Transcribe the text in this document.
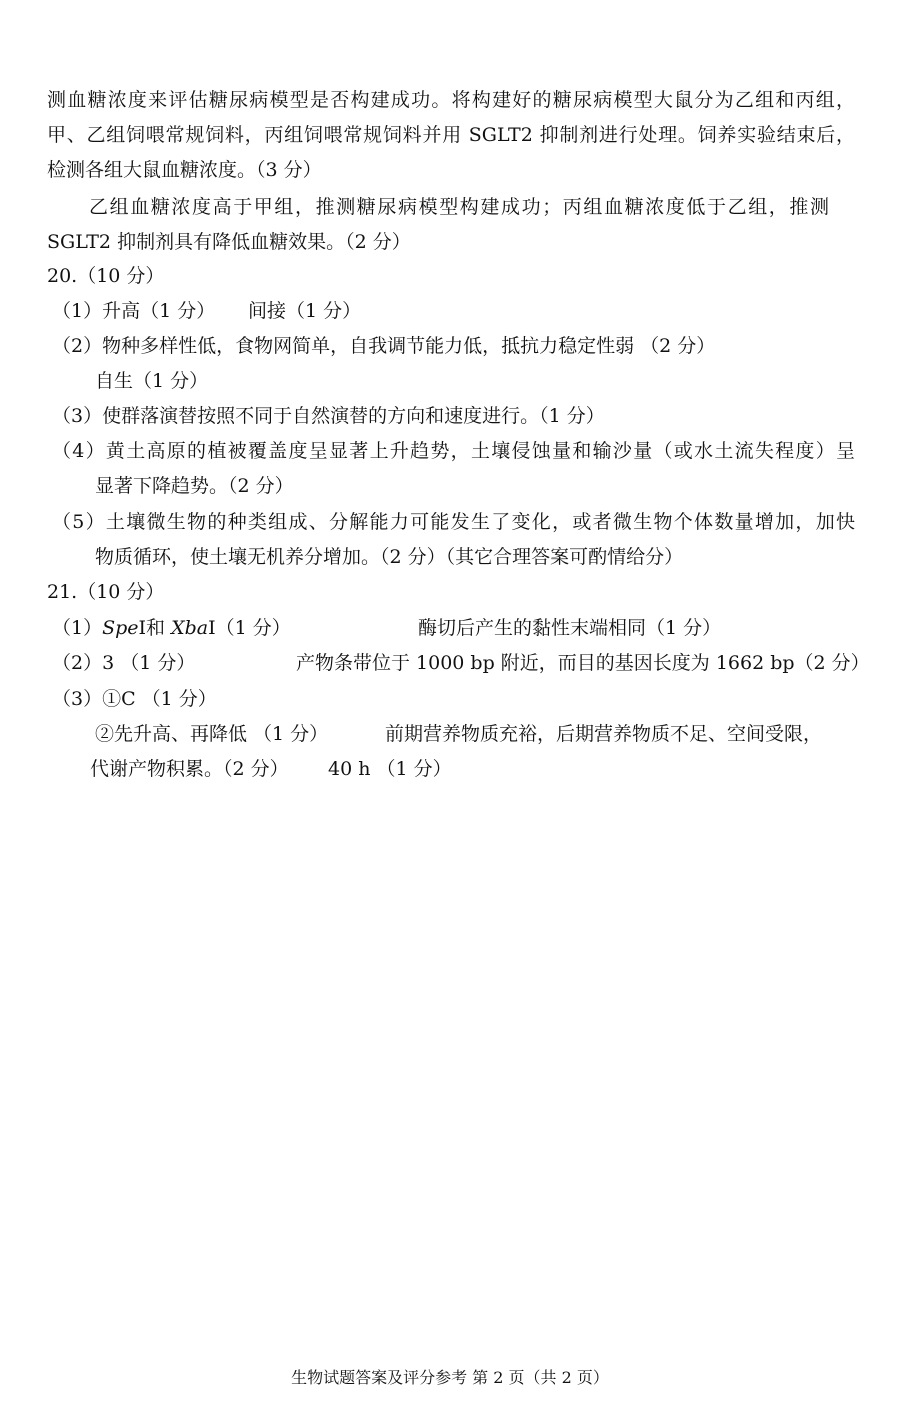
测血糖浓度来评估糖尿病模型是否构建成功。将构建好的糖尿病模型大鼠分为乙组和丙组，
甲、乙组饲喂常规饲料，丙组饲喂常规饲料并用 SGLT2 抑制剂进行处理。饲养实验结束后，
检测各组大鼠血糖浓度。（3 分）
乙组血糖浓度高于甲组，推测糖尿病模型构建成功；丙组血糖浓度低于乙组，推测
SGLT2 抑制剂具有降低血糖效果。（2 分）
20.（10 分）
（1）升高（1 分） 间接（1 分）
（2）物种多样性低，食物网简单，自我调节能力低，抵抗力稳定性弱 （2 分）
自生（1 分）
（3）使群落演替按照不同于自然演替的方向和速度进行。（1 分）
（4）黄土高原的植被覆盖度呈显著上升趋势，土壤侵蚀量和输沙量（或水土流失程度）呈
显著下降趋势。（2 分）
（5）土壤微生物的种类组成、分解能力可能发生了变化，或者微生物个体数量增加，加快
物质循环，使土壤无机养分增加。（2 分）（其它合理答案可酌情给分）
21.（10 分）
（1）SpeⅠ和 XbaⅠ（1 分）	酶切后产生的黏性末端相同（1 分）
（2）3 （1 分）	产物条带位于 1000 bp 附近，而目的基因长度为 1662 bp（2 分）
（3）①C （1 分）
②先升高、再降低 （1 分）	前期营养物质充裕，后期营养物质不足、空间受限，
代谢产物积累。（2 分） 40 h （1 分）
生物试题答案及评分参考 第 2 页（共 2 页）
